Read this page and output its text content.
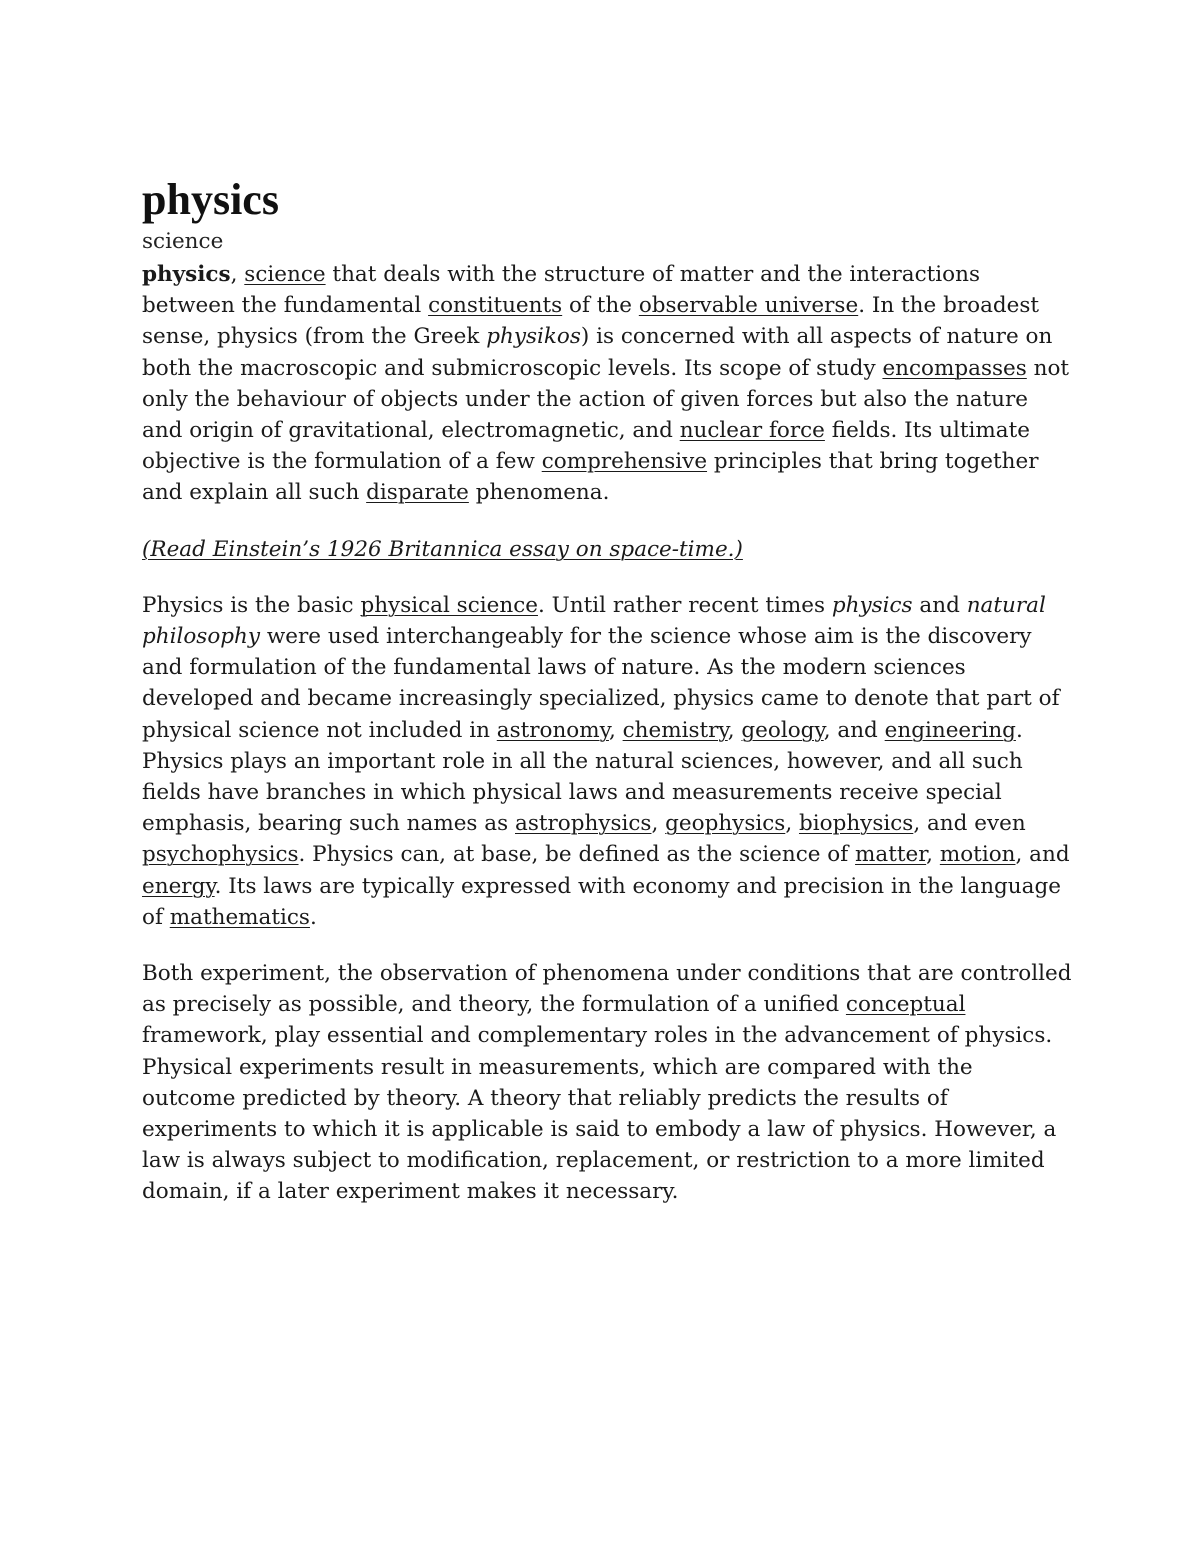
physics
science

physics, science that deals with the structure of matter and the interactions between the fundamental constituents of the observable universe. In the broadest sense, physics (from the Greek physikos) is concerned with all aspects of nature on both the macroscopic and submicroscopic levels. Its scope of study encompasses not only the behaviour of objects under the action of given forces but also the nature and origin of gravitational, electromagnetic, and nuclear force fields. Its ultimate objective is the formulation of a few comprehensive principles that bring together and explain all such disparate phenomena.

(Read Einstein’s 1926 Britannica essay on space-time.)

Physics is the basic physical science. Until rather recent times physics and natural philosophy were used interchangeably for the science whose aim is the discovery and formulation of the fundamental laws of nature. As the modern sciences developed and became increasingly specialized, physics came to denote that part of physical science not included in astronomy, chemistry, geology, and engineering. Physics plays an important role in all the natural sciences, however, and all such fields have branches in which physical laws and measurements receive special emphasis, bearing such names as astrophysics, geophysics, biophysics, and even psychophysics. Physics can, at base, be defined as the science of matter, motion, and energy. Its laws are typically expressed with economy and precision in the language of mathematics.

Both experiment, the observation of phenomena under conditions that are controlled as precisely as possible, and theory, the formulation of a unified conceptual framework, play essential and complementary roles in the advancement of physics. Physical experiments result in measurements, which are compared with the outcome predicted by theory. A theory that reliably predicts the results of experiments to which it is applicable is said to embody a law of physics. However, a law is always subject to modification, replacement, or restriction to a more limited domain, if a later experiment makes it necessary.
